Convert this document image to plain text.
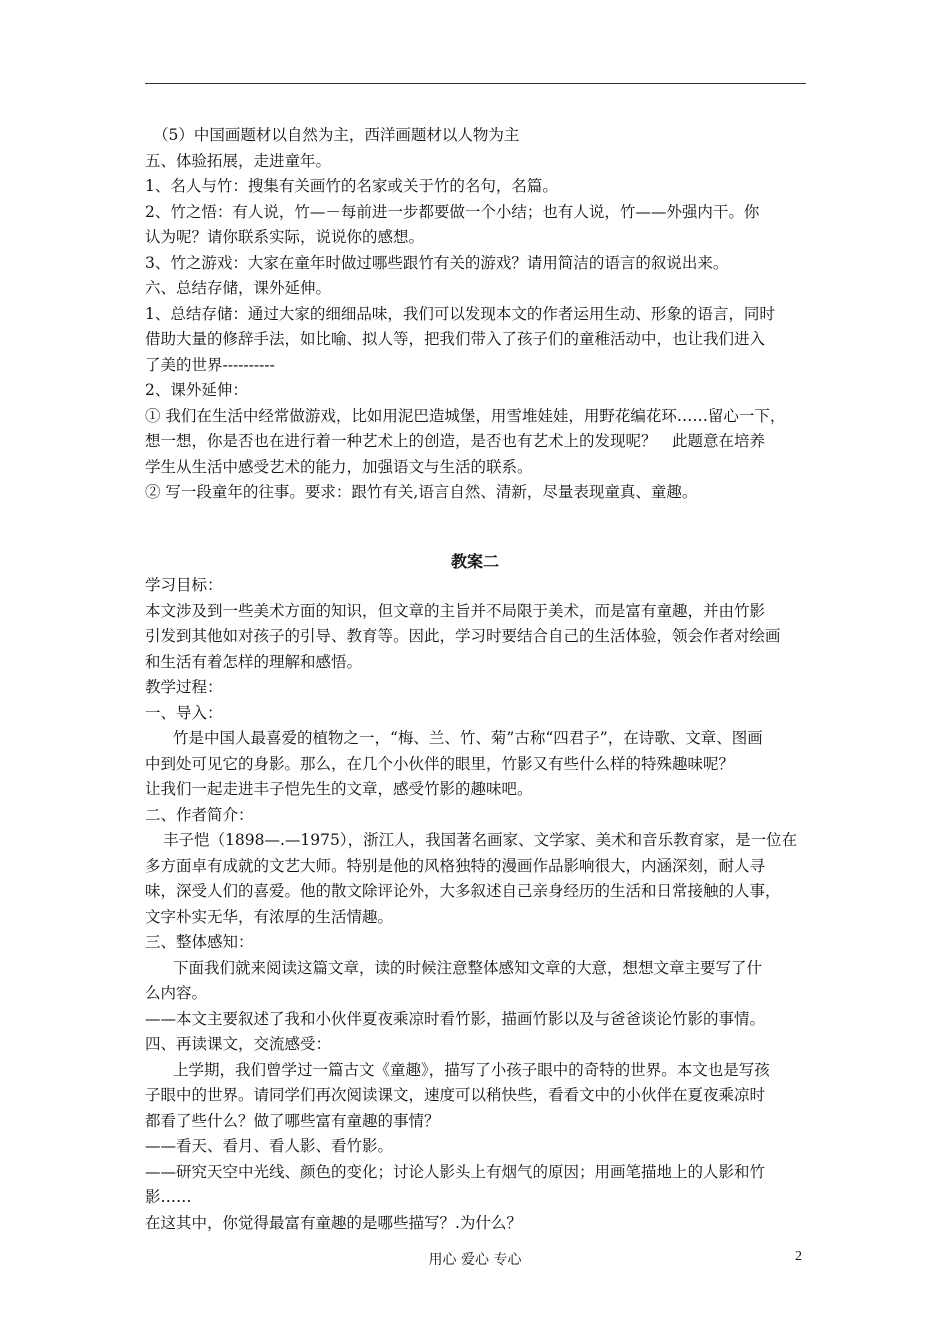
（5）中国画题材以自然为主，西洋画题材以人物为主

五、体验拓展，走进童年。

1、名人与竹：搜集有关画竹的名家或关于竹的名句，名篇。

2、竹之悟：有人说，竹—－每前进一步都要做一个小结；也有人说，竹——外强内干。你

认为呢？请你联系实际，说说你的感想。

3、竹之游戏：大家在童年时做过哪些跟竹有关的游戏？请用简洁的语言的叙说出来。

六、总结存储，课外延伸。

1、总结存储：通过大家的细细品味，我们可以发现本文的作者运用生动、形象的语言，同时

借助大量的修辞手法，如比喻、拟人等，把我们带入了孩子们的童稚活动中，也让我们进入

了美的世界----------

2、课外延伸：

① 我们在生活中经常做游戏，比如用泥巴造城堡，用雪堆娃娃，用野花编花环……留心一下，

想一想，你是否也在进行着一种艺术上的创造，是否也有艺术上的发现呢？　此题意在培养

学生从生活中感受艺术的能力，加强语文与生活的联系。

② 写一段童年的往事。要求：跟竹有关,语言自然、清新，尽量表现童真、童趣。

教案二

学习目标：

本文涉及到一些美术方面的知识，但文章的主旨并不局限于美术，而是富有童趣，并由竹影

引发到其他如对孩子的引导、教育等。因此，学习时要结合自己的生活体验，领会作者对绘画

和生活有着怎样的理解和感悟。

教学过程：

一、导入：

竹是中国人最喜爱的植物之一，“梅、兰、竹、菊”古称“四君子”，在诗歌、文章、图画

中到处可见它的身影。那么，在几个小伙伴的眼里，竹影又有些什么样的特殊趣味呢？

让我们一起走进丰子恺先生的文章，感受竹影的趣味吧。

二、作者简介：

丰子恺（1898—.—1975），浙江人，我国著名画家、文学家、美术和音乐教育家，是一位在

多方面卓有成就的文艺大师。特别是他的风格独特的漫画作品影响很大，内涵深刻，耐人寻

味，深受人们的喜爱。他的散文除评论外，大多叙述自己亲身经历的生活和日常接触的人事，

文字朴实无华，有浓厚的生活情趣。

三、整体感知：

下面我们就来阅读这篇文章，读的时候注意整体感知文章的大意，想想文章主要写了什

么内容。

——本文主要叙述了我和小伙伴夏夜乘凉时看竹影，描画竹影以及与爸爸谈论竹影的事情。

四、再读课文，交流感受：

上学期，我们曾学过一篇古文《童趣》，描写了小孩子眼中的奇特的世界。本文也是写孩

子眼中的世界。请同学们再次阅读课文，速度可以稍快些，看看文中的小伙伴在夏夜乘凉时

都看了些什么？做了哪些富有童趣的事情？

——看天、看月、看人影、看竹影。

——研究天空中光线、颜色的变化；讨论人影头上有烟气的原因；用画笔描地上的人影和竹

影……

在这其中，你觉得最富有童趣的是哪些描写？.为什么？

用心 爱心 专心	2
